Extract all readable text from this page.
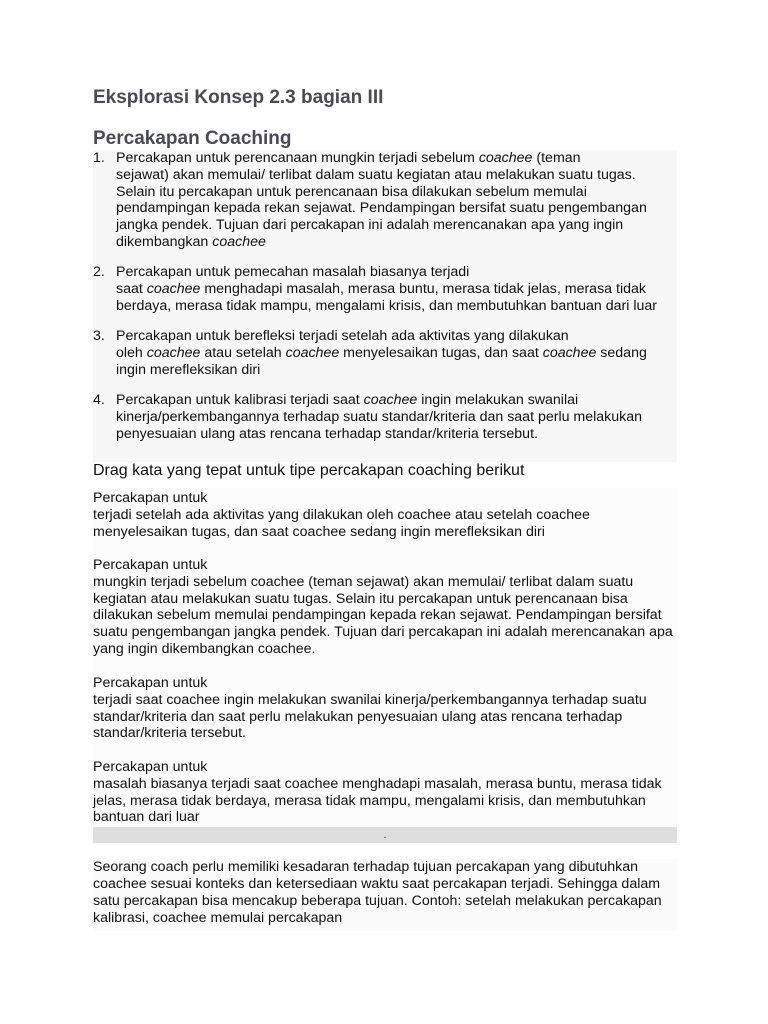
Eksplorasi Konsep 2.3 bagian III
Percakapan Coaching
1. Percakapan untuk perencanaan mungkin terjadi sebelum coachee (teman
sejawat) akan memulai/ terlibat dalam suatu kegiatan atau melakukan suatu tugas. Selain itu percakapan untuk perencanaan bisa dilakukan sebelum memulai pendampingan kepada rekan sejawat. Pendampingan bersifat suatu pengembangan jangka pendek. Tujuan dari percakapan ini adalah merencanakan apa yang ingin dikembangkan coachee
2. Percakapan untuk pemecahan masalah biasanya terjadi
saat coachee menghadapi masalah, merasa buntu, merasa tidak jelas, merasa tidak berdaya, merasa tidak mampu, mengalami krisis, dan membutuhkan bantuan dari luar
3. Percakapan untuk berefleksi terjadi setelah ada aktivitas yang dilakukan
oleh coachee atau setelah coachee menyelesaikan tugas, dan saat coachee sedang ingin merefleksikan diri
4. Percakapan untuk kalibrasi terjadi saat coachee ingin melakukan swanilai
kinerja/perkembangannya terhadap suatu standar/kriteria dan saat perlu melakukan penyesuaian ulang atas rencana terhadap standar/kriteria tersebut.
Drag kata yang tepat untuk tipe percakapan coaching berikut
Percakapan untuk
terjadi setelah ada aktivitas yang dilakukan oleh coachee atau setelah coachee menyelesaikan tugas, dan saat coachee sedang ingin merefleksikan diri
Percakapan untuk
mungkin terjadi sebelum coachee (teman sejawat) akan memulai/ terlibat dalam suatu kegiatan atau melakukan suatu tugas. Selain itu percakapan untuk perencanaan bisa dilakukan sebelum memulai pendampingan kepada rekan sejawat. Pendampingan bersifat suatu pengembangan jangka pendek. Tujuan dari percakapan ini adalah merencanakan apa yang ingin dikembangkan coachee.
Percakapan untuk
terjadi saat coachee ingin melakukan swanilai kinerja/perkembangannya terhadap suatu standar/kriteria dan saat perlu melakukan penyesuaian ulang atas rencana terhadap standar/kriteria tersebut.
Percakapan untuk
masalah biasanya terjadi saat coachee menghadapi masalah, merasa buntu, merasa tidak jelas, merasa tidak berdaya, merasa tidak mampu, mengalami krisis, dan membutuhkan bantuan dari luar
.
Seorang coach perlu memiliki kesadaran terhadap tujuan percakapan yang dibutuhkan coachee sesuai konteks dan ketersediaan waktu saat percakapan terjadi. Sehingga dalam satu percakapan bisa mencakup beberapa tujuan. Contoh: setelah melakukan percakapan kalibrasi, coachee memulai percakapan
